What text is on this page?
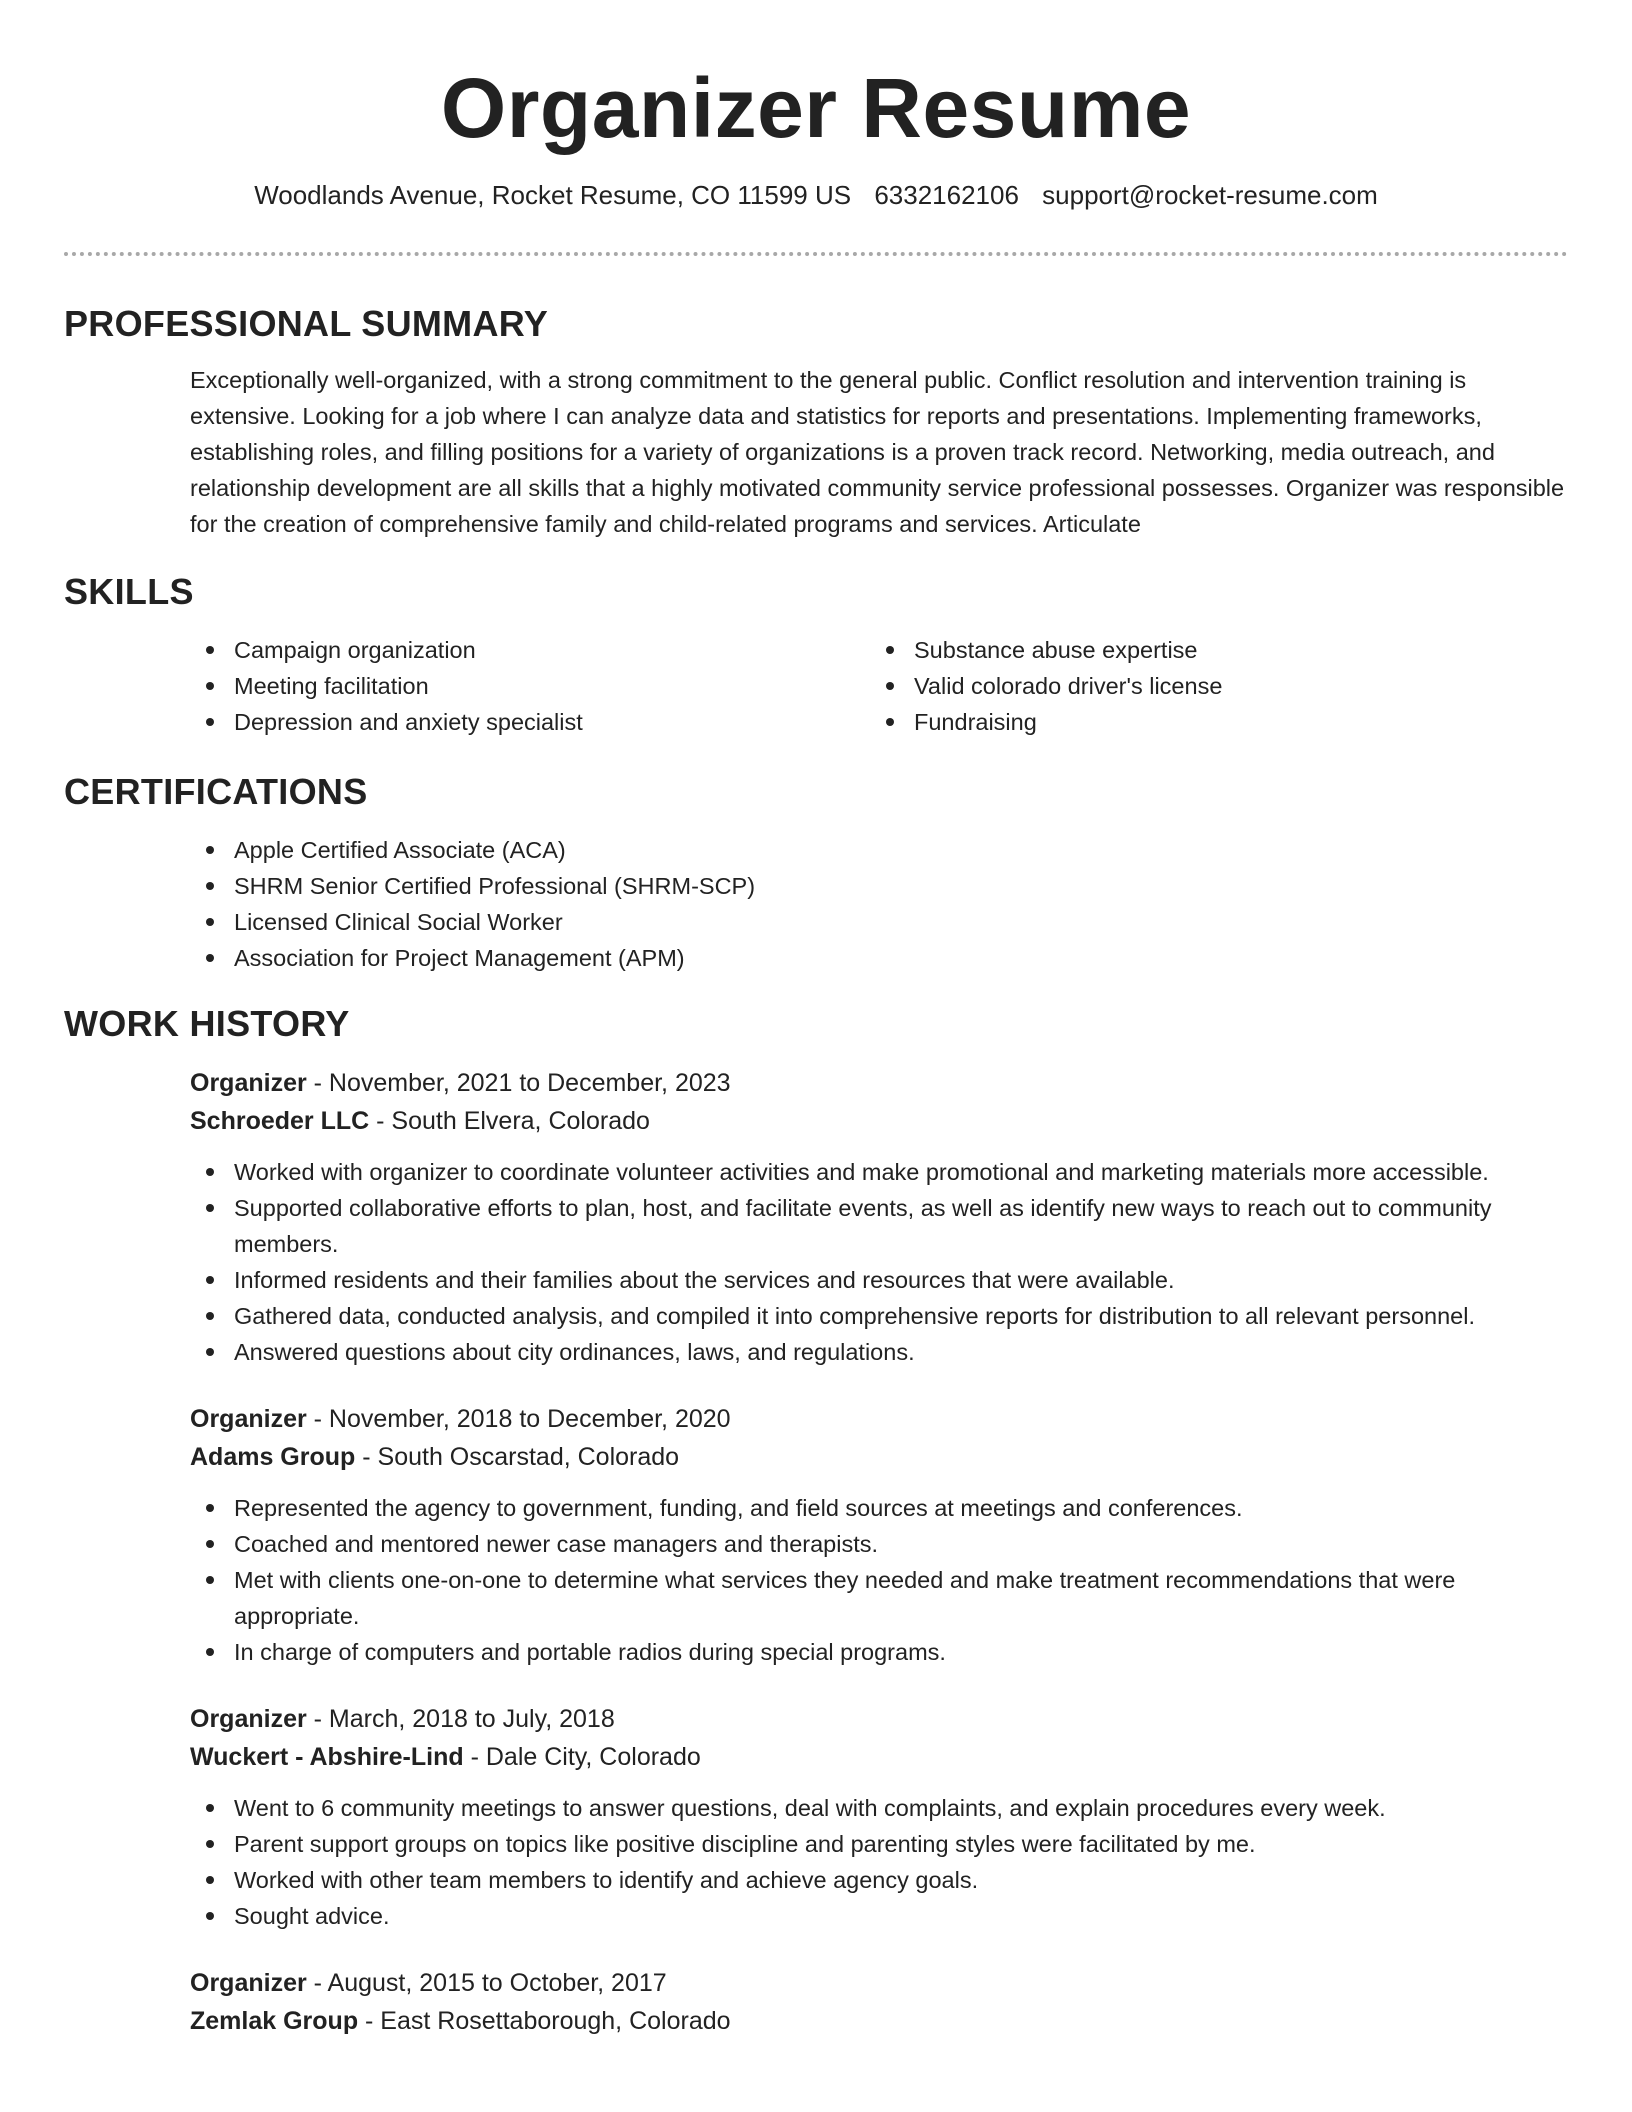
Organizer Resume
Woodlands Avenue, Rocket Resume, CO 11599 US 6332162106 support@rocket-resume.com
PROFESSIONAL SUMMARY
Exceptionally well-organized, with a strong commitment to the general public. Conflict resolution and intervention training is extensive. Looking for a job where I can analyze data and statistics for reports and presentations. Implementing frameworks, establishing roles, and filling positions for a variety of organizations is a proven track record. Networking, media outreach, and relationship development are all skills that a highly motivated community service professional possesses. Organizer was responsible for the creation of comprehensive family and child-related programs and services. Articulate
SKILLS
Campaign organization
Meeting facilitation
Depression and anxiety specialist
Substance abuse expertise
Valid colorado driver's license
Fundraising
CERTIFICATIONS
Apple Certified Associate (ACA)
SHRM Senior Certified Professional (SHRM-SCP)
Licensed Clinical Social Worker
Association for Project Management (APM)
WORK HISTORY
Organizer - November, 2021 to December, 2023
Schroeder LLC - South Elvera, Colorado
Worked with organizer to coordinate volunteer activities and make promotional and marketing materials more accessible.
Supported collaborative efforts to plan, host, and facilitate events, as well as identify new ways to reach out to community members.
Informed residents and their families about the services and resources that were available.
Gathered data, conducted analysis, and compiled it into comprehensive reports for distribution to all relevant personnel.
Answered questions about city ordinances, laws, and regulations.
Organizer - November, 2018 to December, 2020
Adams Group - South Oscarstad, Colorado
Represented the agency to government, funding, and field sources at meetings and conferences.
Coached and mentored newer case managers and therapists.
Met with clients one-on-one to determine what services they needed and make treatment recommendations that were appropriate.
In charge of computers and portable radios during special programs.
Organizer - March, 2018 to July, 2018
Wuckert - Abshire-Lind - Dale City, Colorado
Went to 6 community meetings to answer questions, deal with complaints, and explain procedures every week.
Parent support groups on topics like positive discipline and parenting styles were facilitated by me.
Worked with other team members to identify and achieve agency goals.
Sought advice.
Organizer - August, 2015 to October, 2017
Zemlak Group - East Rosettaborough, Colorado
